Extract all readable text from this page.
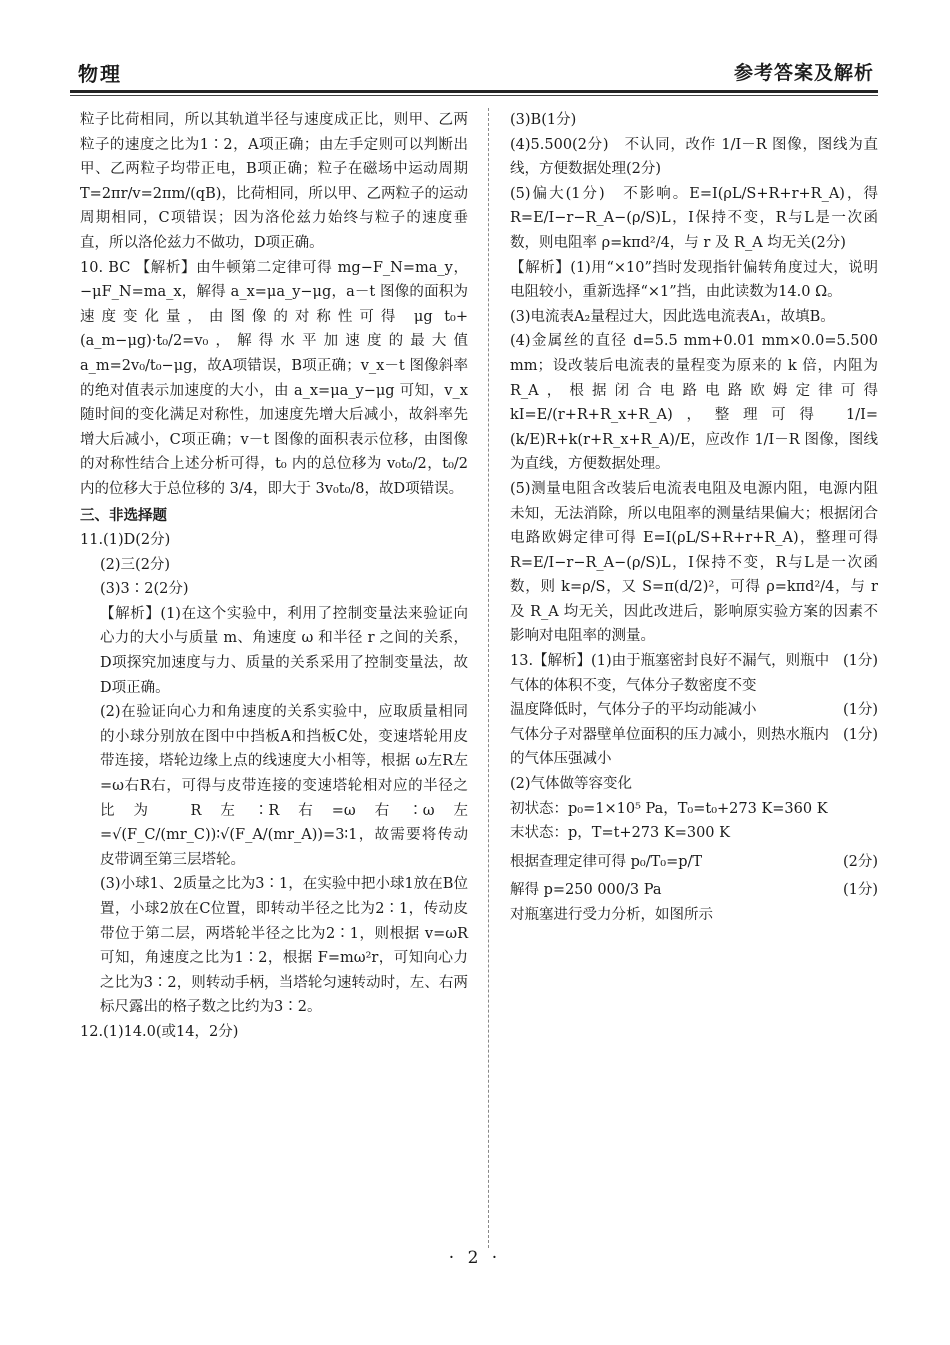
物理	参考答案及解析

粒子比荷相同，所以其轨道半径与速度成正比，则甲、乙两粒子的速度之比为1∶2，A项正确；由左手定则可以判断出甲、乙两粒子均带正电，B项正确；粒子在磁场中运动周期 T=2πr/v=2πm/(qB)，比荷相同，所以甲、乙两粒子的运动周期相同，C项错误；因为洛伦兹力始终与粒子的速度垂直，所以洛伦兹力不做功，D项正确。

10. BC 【解析】由牛顿第二定律可得 mg−F_N=ma_y，−μF_N=ma_x，解得 a_x=μa_y−μg，a－t 图像的面积为速度变化量，由图像的对称性可得 μg t₀+(a_m−μg)·t₀/2=v₀，解得水平加速度的最大值 a_m=2v₀/t₀−μg，故A项错误，B项正确；v_x－t 图像斜率的绝对值表示加速度的大小，由 a_x=μa_y−μg 可知，v_x 随时间的变化满足对称性，加速度先增大后减小，故斜率先增大后减小，C项正确；v－t 图像的面积表示位移，由图像的对称性结合上述分析可得，t₀ 内的总位移为 v₀t₀/2，t₀/2 内的位移大于总位移的 3/4，即大于 3v₀t₀/8，故D项错误。

三、非选择题

11.(1)D(2分)

(2)三(2分)

(3)3∶2(2分)

【解析】(1)在这个实验中，利用了控制变量法来验证向心力的大小与质量 m、角速度 ω 和半径 r 之间的关系，D项探究加速度与力、质量的关系采用了控制变量法，故D项正确。

(2)在验证向心力和角速度的关系实验中，应取质量相同的小球分别放在图中中挡板A和挡板C处，变速塔轮用皮带连接，塔轮边缘上点的线速度大小相等，根据 ω左R左=ω右R右，可得与皮带连接的变速塔轮相对应的半径之比为 R左∶R右=ω右∶ω左=√(F_C/(mr_C))∶√(F_A/(mr_A))=3∶1，故需要将传动皮带调至第三层塔轮。

(3)小球1、2质量之比为3∶1，在实验中把小球1放在B位置，小球2放在C位置，即转动半径之比为2∶1，传动皮带位于第二层，两塔轮半径之比为2∶1，则根据 v=ωR 可知，角速度之比为1∶2，根据 F=mω²r，可知向心力之比为3∶2，则转动手柄，当塔轮匀速转动时，左、右两标尺露出的格子数之比约为3∶2。

12.(1)14.0(或14，2分)

(3)B(1分)

(4)5.500(2分)　不认同，改作 1/I－R 图像，图线为直线，方便数据处理(2分)

(5)偏大(1分)　不影响。E=I(ρL/S+R+r+R_A)，得 R=E/I−r−R_A−(ρ/S)L，I保持不变，R与L是一次函数，则电阻率 ρ=kπd²/4，与 r 及 R_A 均无关(2分)

【解析】(1)用“×10”挡时发现指针偏转角度过大，说明电阻较小，重新选择“×1”挡，由此读数为14.0 Ω。

(3)电流表A₂量程过大，因此选电流表A₁，故填B。

(4)金属丝的直径 d=5.5 mm+0.01 mm×0.0=5.500 mm；设改装后电流表的量程变为原来的 k 倍，内阻为 R_A，根据闭合电路电路欧姆定律可得 kI=E/(r+R+R_x+R_A)，整理可得 1/I=(k/E)R+k(r+R_x+R_A)/E，应改作 1/I－R 图像，图线为直线，方便数据处理。

(5)测量电阻含改装后电流表电阻及电源内阻，电源内阻未知，无法消除，所以电阻率的测量结果偏大；根据闭合电路欧姆定律可得 E=I(ρL/S+R+r+R_A)，整理可得 R=E/I−r−R_A−(ρ/S)L，I保持不变，R与L是一次函数，则 k=ρ/S，又 S=π(d/2)²，可得 ρ=kπd²/4，与 r 及 R_A 均无关，因此改进后，影响原实验方案的因素不影响对电阻率的测量。

13.【解析】(1)由于瓶塞密封良好不漏气，则瓶中气体的体积不变，气体分子数密度不变
(1分)
温度降低时，气体分子的平均动能减小	(1分)
气体分子对器壁单位面积的压力减小，则热水瓶内的气体压强减小
(1分)

(2)气体做等容变化

初状态：p₀=1×10⁵ Pa，T₀=t₀+273 K=360 K

末状态：p，T=t+273 K=300 K

根据查理定律可得 p₀/T₀=p/T	(2分)
解得 p=250 000/3 Pa	(1分)

对瓶塞进行受力分析，如图所示

· 2 ·
